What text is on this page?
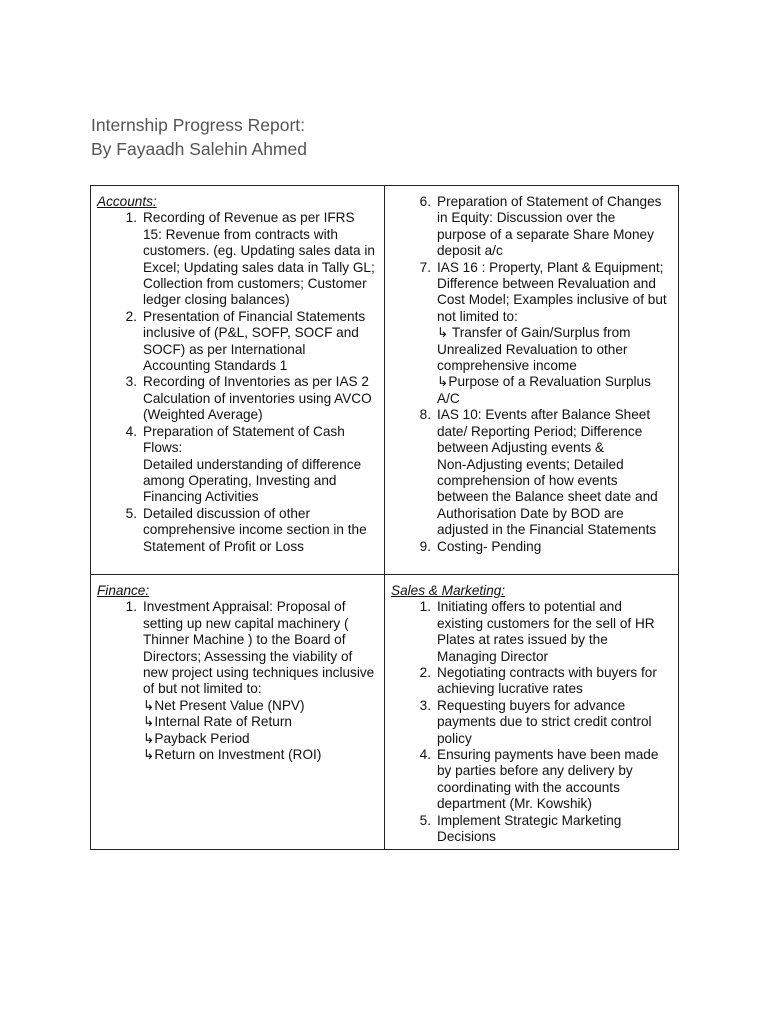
Internship Progress Report:
By Fayaadh Salehin Ahmed

Accounts:

1. Recording of Revenue as per IFRS
15: Revenue from contracts with
customers. (eg. Updating sales data in
Excel; Updating sales data in Tally GL;
Collection from customers; Customer
ledger closing balances)
2. Presentation of Financial Statements
inclusive of (P&L, SOFP, SOCF and
SOCF) as per International
Accounting Standards 1
3. Recording of Inventories as per IAS 2
Calculation of inventories using AVCO
(Weighted Average)
4. Preparation of Statement of Cash
Flows:
Detailed understanding of difference
among Operating, Investing and
Financing Activities
5. Detailed discussion of other
comprehensive income section in the
Statement of Profit or Loss
6. Preparation of Statement of Changes
in Equity: Discussion over the
purpose of a separate Share Money
deposit a/c
7. IAS 16 : Property, Plant & Equipment;
Difference between Revaluation and
Cost Model; Examples inclusive of but
not limited to:
↳ Transfer of Gain/Surplus from
Unrealized Revaluation to other
comprehensive income
↳Purpose of a Revaluation Surplus
A/C
8. IAS 10: Events after Balance Sheet
date/ Reporting Period; Difference
between Adjusting events &
Non-Adjusting events; Detailed
comprehension of how events
between the Balance sheet date and
Authorisation Date by BOD are
adjusted in the Financial Statements
9. Costing- Pending

Finance:

1. Investment Appraisal: Proposal of
setting up new capital machinery (
Thinner Machine ) to the Board of
Directors; Assessing the viability of
new project using techniques inclusive
of but not limited to:
↳Net Present Value (NPV)
↳Internal Rate of Return
↳Payback Period
↳Return on Investment (ROI)

Sales & Marketing:

1. Initiating offers to potential and
existing customers for the sell of HR
Plates at rates issued by the
Managing Director
2. Negotiating contracts with buyers for
achieving lucrative rates
3. Requesting buyers for advance
payments due to strict credit control
policy
4. Ensuring payments have been made
by parties before any delivery by
coordinating with the accounts
department (Mr. Kowshik)
5. Implement Strategic Marketing
Decisions
